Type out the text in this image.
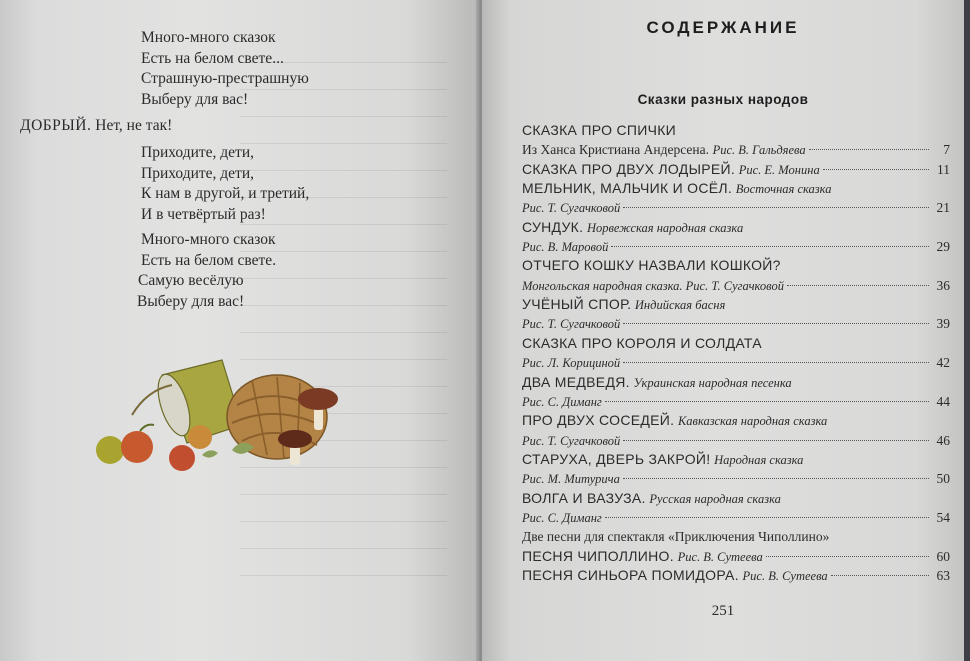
Много-много сказок
Есть на белом свете...
Страшную-престрашную
Выберу для вас!
ДОБРЫЙ. Нет, не так!
Приходите, дети,
Приходите, дети,
К нам в другой, и третий,
И в четвёртый раз!
Много-много сказок
Есть на белом свете.
Самую весёлую
Выберу для вас!
СОДЕРЖАНИЕ
Сказки разных народов
СКАЗКА ПРО СПИЧКИ
Из Ханса Кристиана Андерсена.
Рис. В. Гальдяева	7
СКАЗКА ПРО ДВУХ ЛОДЫРЕЙ.
Рис. Е. Монина	11
МЕЛЬНИК, МАЛЬЧИК И ОСЁЛ.
Восточная сказка
Рис. Т. Сугачковой	21
СУНДУК.
Норвежская народная сказка
Рис. В. Маровой	29
ОТЧЕГО КОШКУ НАЗВАЛИ КОШКОЙ?
Монгольская народная сказка. Рис. Т. Сугачковой	36
УЧЁНЫЙ СПОР.
Индийская басня
Рис. Т. Сугачковой	39
СКАЗКА ПРО КОРОЛЯ И СОЛДАТА
Рис. Л. Корициной	42
ДВА МЕДВЕДЯ.
Украинская народная песенка
Рис. С. Диманг	44
ПРО ДВУХ СОСЕДЕЙ.
Кавказская народная сказка
Рис. Т. Сугачковой	46
СТАРУХА, ДВЕРЬ ЗАКРОЙ!
Народная сказка
Рис. М. Митурича	50
ВОЛГА И ВАЗУЗА.
Русская народная сказка
Рис. С. Диманг	54
Две песни для спектакля «Приключения Чиполлино»
ПЕСНЯ ЧИПОЛЛИНО.
Рис. В. Сутеева	60
ПЕСНЯ СИНЬОРА ПОМИДОРА.
Рис. В. Сутеева	63
251
